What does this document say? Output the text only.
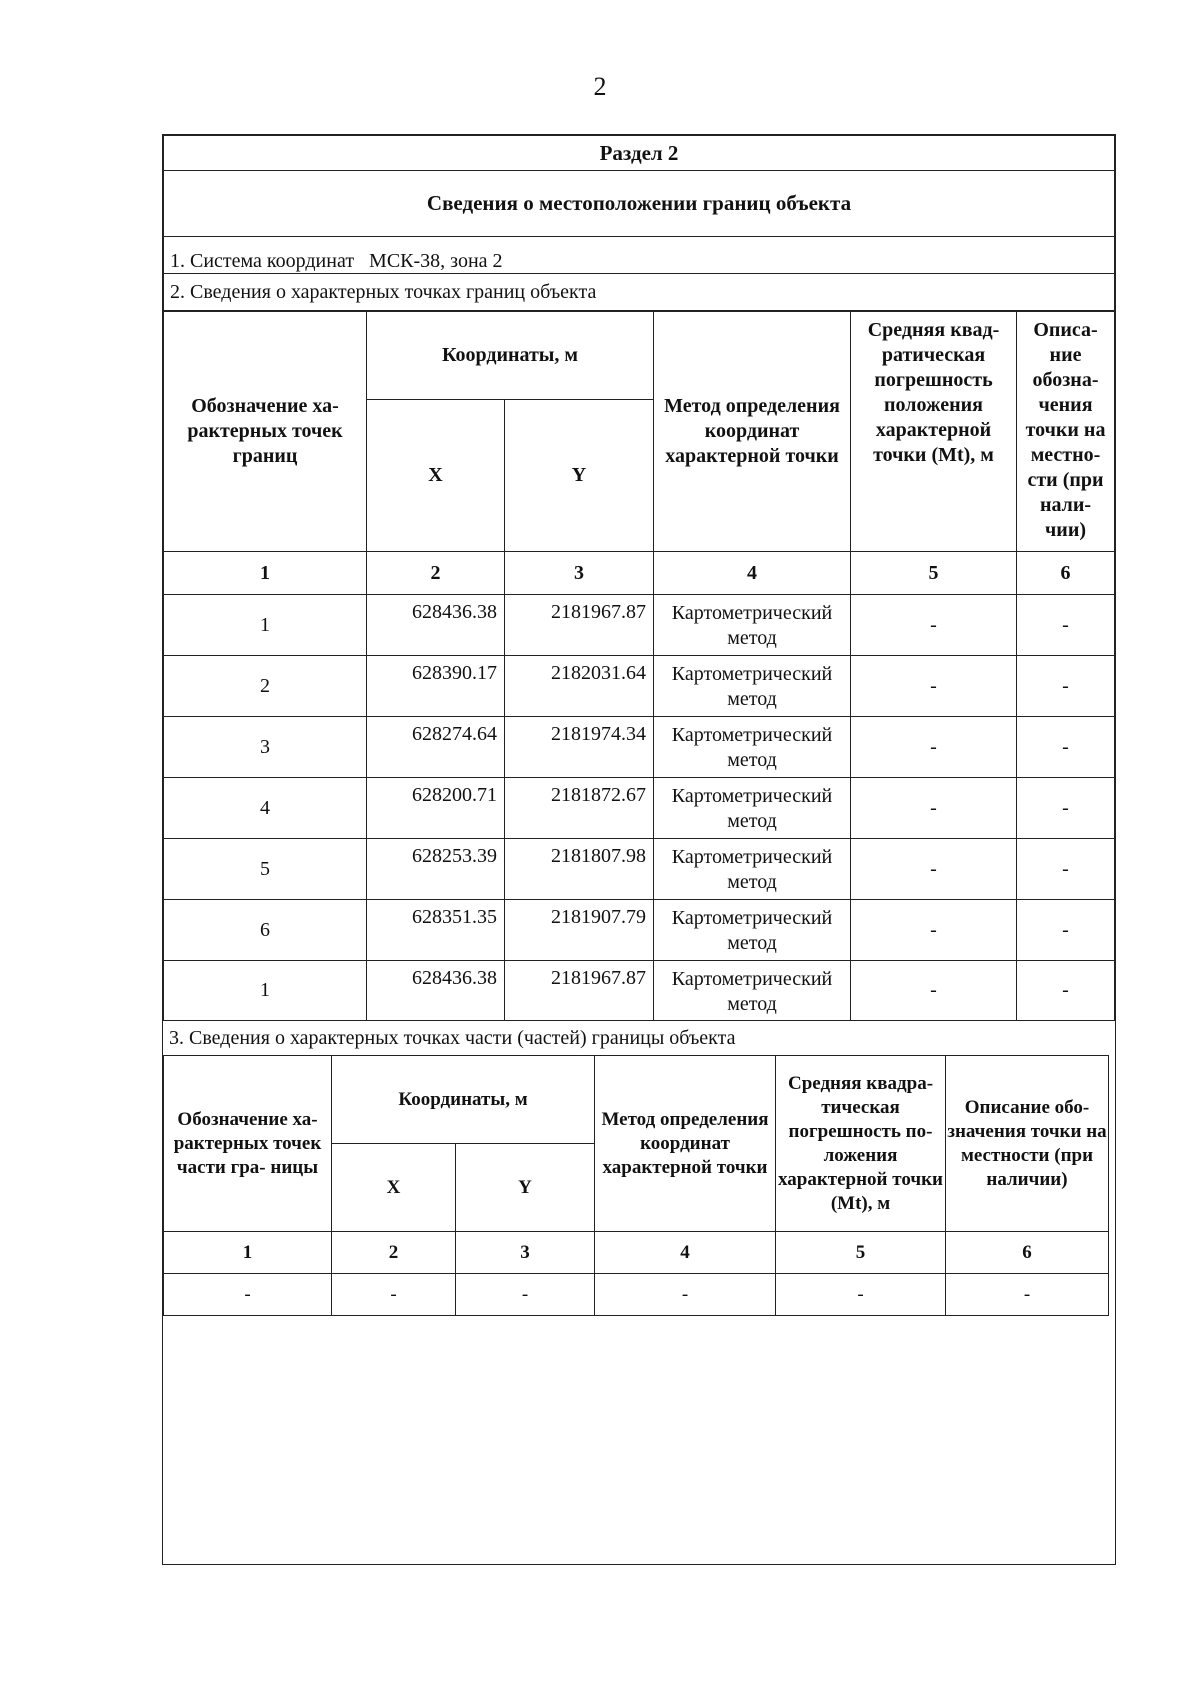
2
Раздел 2
Сведения о местоположении границ объекта
1. Система координат   МСК-38, зона 2
2. Сведения о характерных точках границ объекта
Обозначение ха- рактерных точек границ	Координаты, м		Метод определения координат характерной точки	Средняя квад- ратическая погрешность положения характерной точки (Mt), м	Описа- ние обозна- чения точки на местно- сти (при нали- чии)
	X	Y			
1	2	3	4	5	6
1	628436.38	2181967.87	Картометрический метод	-	-
2	628390.17	2182031.64	Картометрический метод	-	-
3	628274.64	2181974.34	Картометрический метод	-	-
4	628200.71	2181872.67	Картометрический метод	-	-
5	628253.39	2181807.98	Картометрический метод	-	-
6	628351.35	2181907.79	Картометрический метод	-	-
1	628436.38	2181967.87	Картометрический метод	-	-
3. Сведения о характерных точках части (частей) границы объекта
Обозначение ха- рактерных точек части гра- ницы	Координаты, м		Метод определения координат характерной точки	Средняя квадра- тическая погрешность по- ложения характерной точки (Mt), м	Описание обо- значения точки на местности (при наличии)
	X	Y			
1	2	3	4	5	6
-	-	-	-	-	-
